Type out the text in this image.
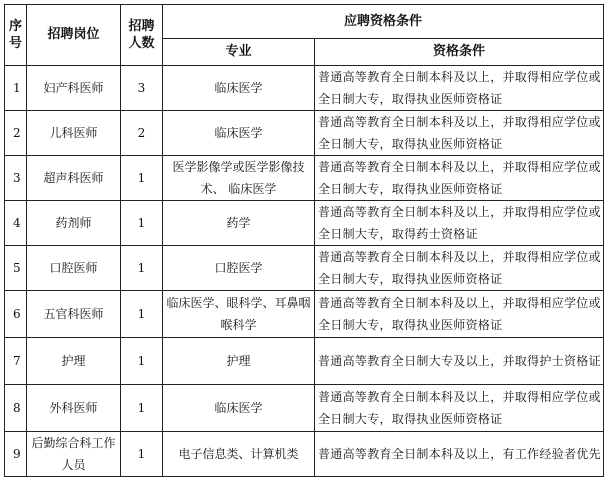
序号	招聘岗位	招聘人数	应聘资格条件	
			专业	资格条件
1	妇产科医师	3	临床医学	普通高等教育全日制本科及以上，并取得相应学位或全日制大专，取得执业医师资格证
2	儿科医师	2	临床医学	普通高等教育全日制本科及以上，并取得相应学位或全日制大专，取得执业医师资格证
3	超声科医师	1	医学影像学或医学影像技术、 临床医学	普通高等教育全日制本科及以上，并取得相应学位或全日制大专，取得执业医师资格证
4	药剂师	1	药学	普通高等教育全日制本科及以上，并取得相应学位或全日制大专，取得药士资格证
5	口腔医师	1	口腔医学	普通高等教育全日制本科及以上，并取得相应学位或全日制大专，取得执业医师资格证
6	五官科医师	1	临床医学、眼科学、耳鼻咽喉科学	普通高等教育全日制本科及以上，并取得相应学位或全日制大专，取得执业医师资格证
7	护理	1	护理	普通高等教育全日制大专及以上，并取得护士资格证
8	外科医师	1	临床医学	普通高等教育全日制本科及以上，并取得相应学位或全日制大专，取得执业医师资格证
9	后勤综合科工作人员	1	电子信息类、计算机类	普通高等教育全日制本科及以上，有工作经验者优先
